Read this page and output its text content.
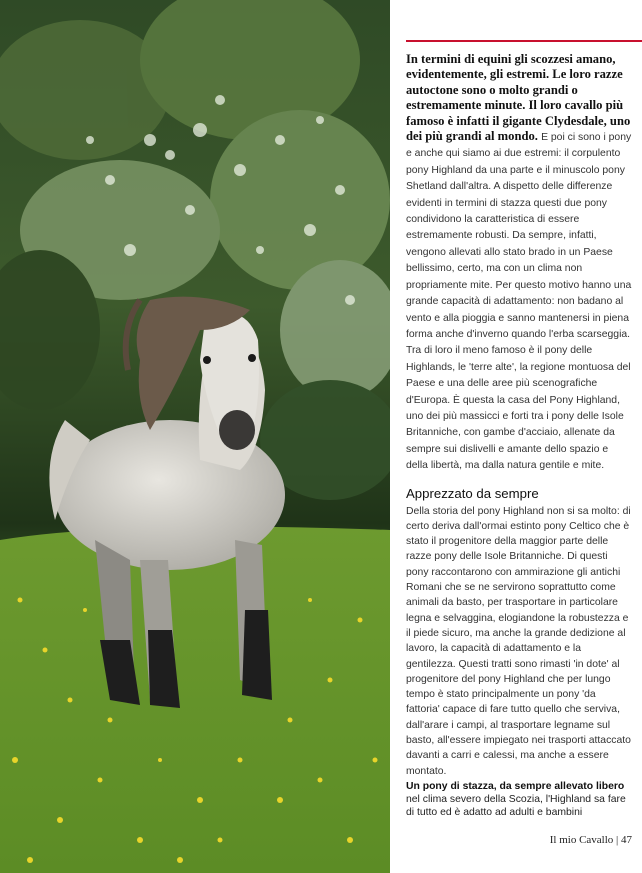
In termini di equini gli scozzesi amano, evidentemente, gli estremi. Le loro razze autoctone sono o molto grandi o estremamente minute. Il loro cavallo più famoso è infatti il gigante Clydesdale, uno dei più grandi al mondo. E poi ci sono i pony e anche qui siamo ai due estremi: il corpulento pony Highland da una parte e il minuscolo pony Shetland dall'altra. A dispetto delle differenze evidenti in termini di stazza questi due pony condividono la caratteristica di essere estremamente robusti. Da sempre, infatti, vengono allevati allo stato brado in un Paese bellissimo, certo, ma con un clima non propriamente mite. Per questo motivo hanno una grande capacità di adattamento: non badano al vento e alla pioggia e sanno mantenersi in piena forma anche d'inverno quando l'erba scarseggia. Tra di loro il meno famoso è il pony delle Highlands, le 'terre alte', la regione montuosa del Paese e una delle aree più scenografiche d'Europa. È questa la casa del Pony Highland, uno dei più massicci e forti tra i pony delle Isole Britanniche, con gambe d'acciaio, allenate da sempre sui dislivelli e amante dello spazio e della libertà, ma dalla natura gentile e mite.

Apprezzato da sempre

Della storia del pony Highland non si sa molto: di certo deriva dall'ormai estinto pony Celtico che è stato il progenitore della maggior parte delle razze pony delle Isole Britanniche. Di questi pony raccontarono con ammirazione gli antichi Romani che se ne servirono soprattutto come animali da basto, per trasportare in particolare legna e selvaggina, elogiandone la robustezza e il piede sicuro, ma anche la grande dedizione al lavoro, la capacità di adattamento e la gentilezza. Questi tratti sono rimasti 'in dote' al progenitore del pony Highland che per lungo tempo è stato principalmente un pony 'da fattoria' capace di fare tutto quello che serviva, dall'arare i campi, al trasportare legname sul basto, all'essere impiegato nei trasporti attaccato davanti a carri e calessi, ma anche a essere montato.

Un pony di stazza, da sempre allevato libero nel clima severo della Scozia, l'Highland sa fare di tutto ed è adatto ad adulti e bambini
Il mio Cavallo | 47
